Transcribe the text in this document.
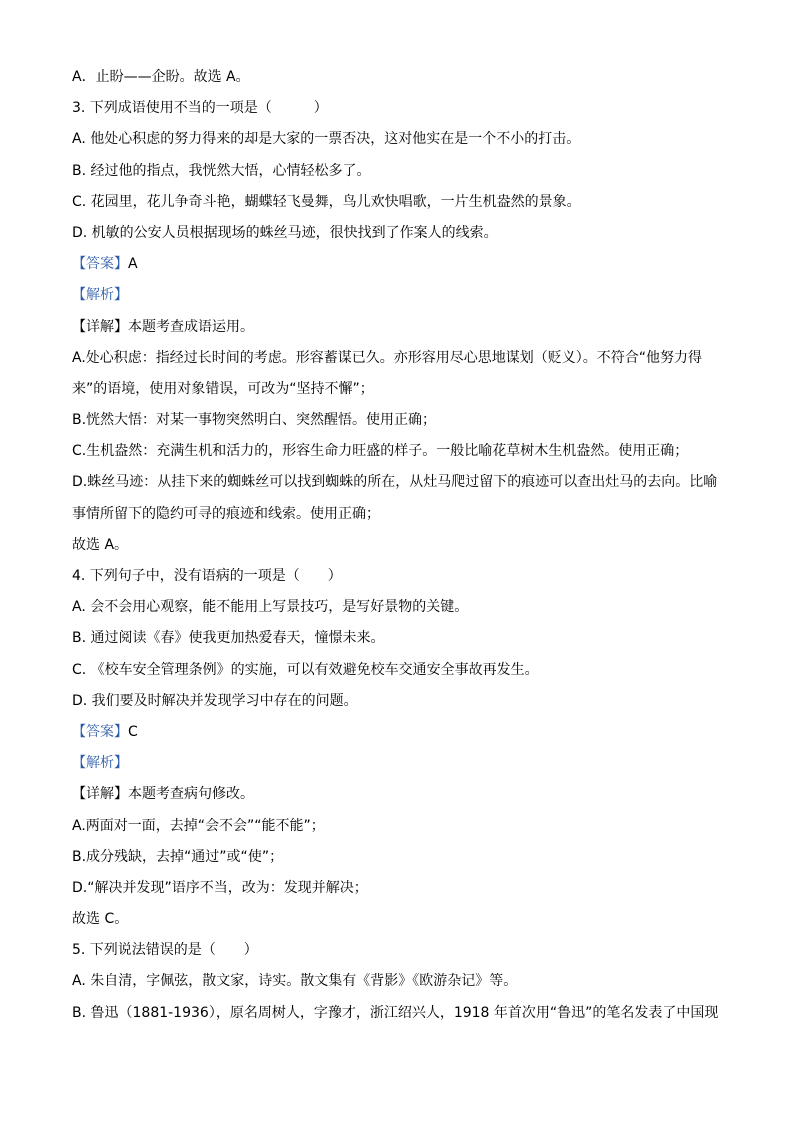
A．止盼——企盼。故选 A。
3. 下列成语使用不当的一项是（　　　）
A. 他处心积虑的努力得来的却是大家的一票否决，这对他实在是一个不小的打击。
B. 经过他的指点，我恍然大悟，心情轻松多了。
C. 花园里，花儿争奇斗艳，蝴蝶轻飞曼舞，鸟儿欢快唱歌，一片生机盎然的景象。
D. 机敏的公安人员根据现场的蛛丝马迹，很快找到了作案人的线索。
【答案】A
【解析】
【详解】本题考查成语运用。
A.处心积虑：指经过长时间的考虑。形容蓄谋已久。亦形容用尽心思地谋划（贬义）。不符合“他努力得
来”的语境，使用对象错误，可改为“坚持不懈”；
B.恍然大悟：对某一事物突然明白、突然醒悟。使用正确；
C.生机盎然：充满生机和活力的，形容生命力旺盛的样子。一般比喻花草树木生机盎然。使用正确；
D.蛛丝马迹：从挂下来的蜘蛛丝可以找到蜘蛛的所在，从灶马爬过留下的痕迹可以查出灶马的去向。比喻
事情所留下的隐约可寻的痕迹和线索。使用正确；
故选 A。
4. 下列句子中，没有语病的一项是（　　）
A. 会不会用心观察，能不能用上写景技巧，是写好景物的关键。
B. 通过阅读《春》使我更加热爱春天，憧憬未来。
C. 《校车安全管理条例》的实施，可以有效避免校车交通安全事故再发生。
D. 我们要及时解决并发现学习中存在的问题。
【答案】C
【解析】
【详解】本题考查病句修改。
A.两面对一面，去掉“会不会”“能不能”；
B.成分残缺，去掉“通过”或“使”；
D.“解决并发现”语序不当，改为：发现并解决；
故选 C。
5. 下列说法错误的是（　　）
A. 朱自清，字佩弦，散文家，诗实。散文集有《背影》《欧游杂记》等。
B. 鲁迅（1881-1936），原名周树人，字豫才，浙江绍兴人，1918 年首次用“鲁迅”的笔名发表了中国现
